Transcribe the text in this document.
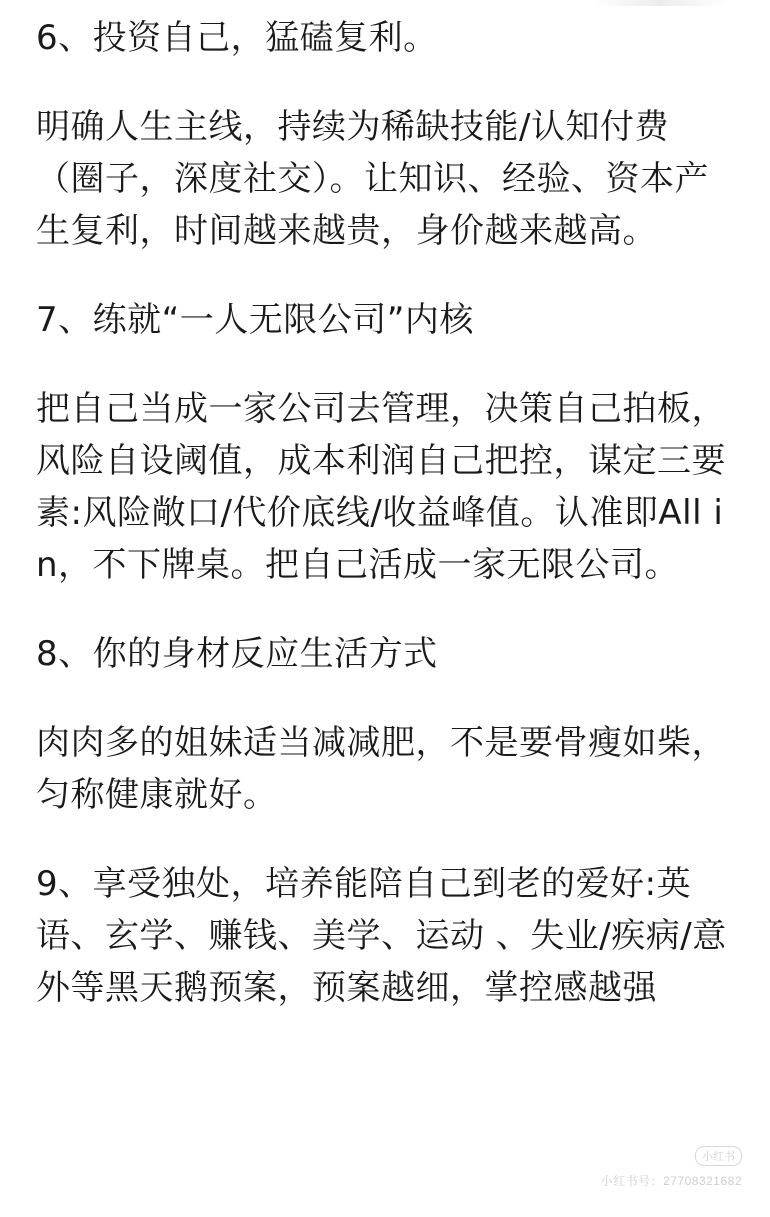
6、投资自己，猛磕复利。

明确人生主线，持续为稀缺技能/认知付费（圈子，深度社交）。让知识、经验、资本产生复利，时间越来越贵，身价越来越高。

7、练就“一人无限公司”内核

把自己当成一家公司去管理，决策自己拍板，风险自设阈值，成本利润自己把控，谋定三要素:风险敞口/代价底线/收益峰值。认准即All in，不下牌桌。把自己活成一家无限公司。

8、你的身材反应生活方式

肉肉多的姐妹适当减减肥，不是要骨瘦如柴，匀称健康就好。

9、享受独处，培养能陪自己到老的爱好:英语、玄学、赚钱、美学、运动 、失业/疾病/意外等黑天鹅预案，预案越细，掌控感越强

小红书
小红书号：27708321682
